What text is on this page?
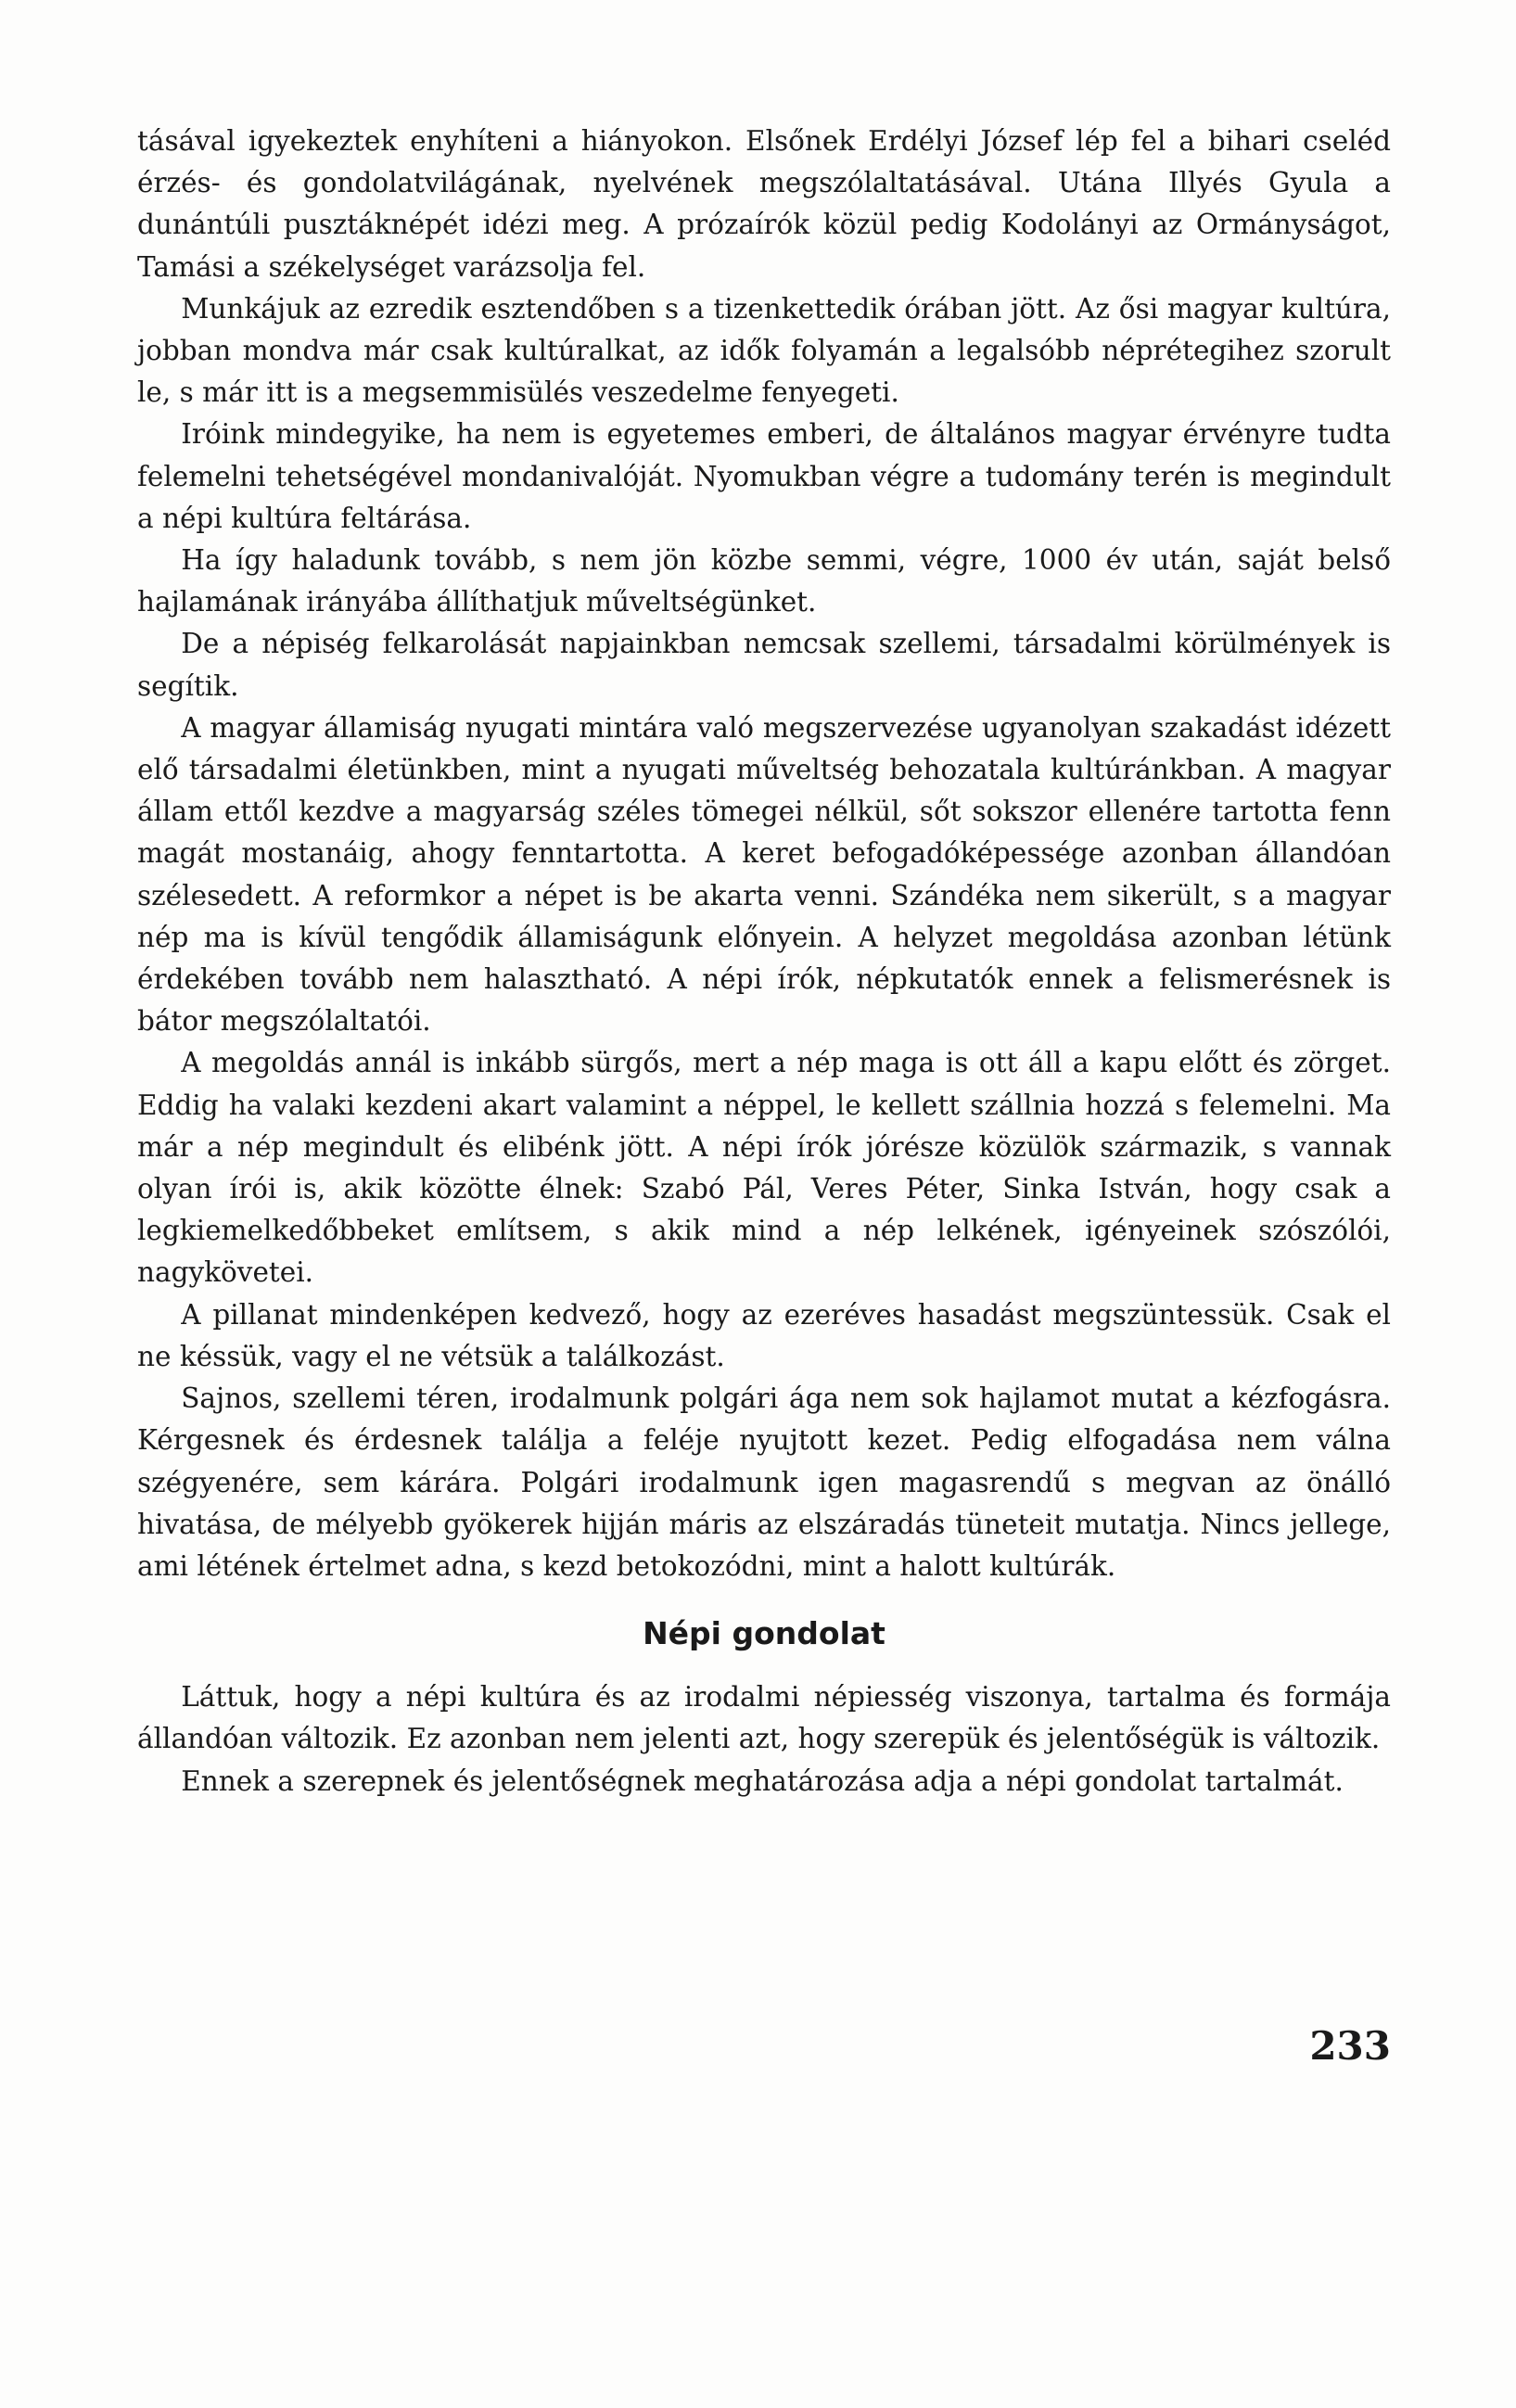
tásával igyekeztek enyhíteni a hiányokon. Elsőnek Erdélyi József lép fel a bihari cseléd érzés- és gondolatvilágának, nyelvének megszólaltatásával. Utána Illyés Gyula a dunántúli pusztáknépét idézi meg. A prózaírók közül pedig Kodolányi az Ormányságot, Tamási a székelységet varázsolja fel.

Munkájuk az ezredik esztendőben s a tizenkettedik órában jött. Az ősi magyar kultúra, jobban mondva már csak kultúralkat, az idők folyamán a legalsóbb néprétegihez szorult le, s már itt is a megsemmisülés veszedelme fenyegeti.

Iróink mindegyike, ha nem is egyetemes emberi, de általános magyar érvényre tudta felemelni tehetségével mondanivalóját. Nyomukban végre a tudomány terén is megindult a népi kultúra feltárása.

Ha így haladunk tovább, s nem jön közbe semmi, végre, 1000 év után, saját belső hajlamának irányába állíthatjuk műveltségünket.

De a népiség felkarolását napjainkban nemcsak szellemi, társadalmi körülmények is segítik.

A magyar államiság nyugati mintára való megszervezése ugyanolyan szakadást idézett elő társadalmi életünkben, mint a nyugati műveltség behozatala kultúránkban. A magyar állam ettől kezdve a magyarság széles tömegei nélkül, sőt sokszor ellenére tartotta fenn magát mostanáig, ahogy fenntartotta. A keret befogadóképessége azonban állandóan szélesedett. A reformkor a népet is be akarta venni. Szándéka nem sikerült, s a magyar nép ma is kívül tengődik államiságunk előnyein. A helyzet megoldása azonban létünk érdekében tovább nem halasztható. A népi írók, népkutatók ennek a felismerésnek is bátor megszólaltatói.

A megoldás annál is inkább sürgős, mert a nép maga is ott áll a kapu előtt és zörget. Eddig ha valaki kezdeni akart valamint a néppel, le kellett szállnia hozzá s felemelni. Ma már a nép megindult és elibénk jött. A népi írók jórésze közülök származik, s vannak olyan írói is, akik közötte élnek: Szabó Pál, Veres Péter, Sinka István, hogy csak a legkiemelkedőbbeket említsem, s akik mind a nép lelkének, igényeinek szószólói, nagykövetei.

A pillanat mindenképen kedvező, hogy az ezeréves hasadást megszüntessük. Csak el ne késsük, vagy el ne vétsük a találkozást.

Sajnos, szellemi téren, irodalmunk polgári ága nem sok hajlamot mutat a kézfogásra. Kérgesnek és érdesnek találja a feléje nyujtott kezet. Pedig elfogadása nem válna szégyenére, sem kárára. Polgári irodalmunk igen magasrendű s megvan az önálló hivatása, de mélyebb gyökerek hijján máris az elszáradás tüneteit mutatja. Nincs jellege, ami létének értelmet adna, s kezd betokozódni, mint a halott kultúrák.

Népi gondolat

Láttuk, hogy a népi kultúra és az irodalmi népiesség viszonya, tartalma és formája állandóan változik. Ez azonban nem jelenti azt, hogy szerepük és jelentőségük is változik.

Ennek a szerepnek és jelentőségnek meghatározása adja a népi gondolat tartalmát.

233
